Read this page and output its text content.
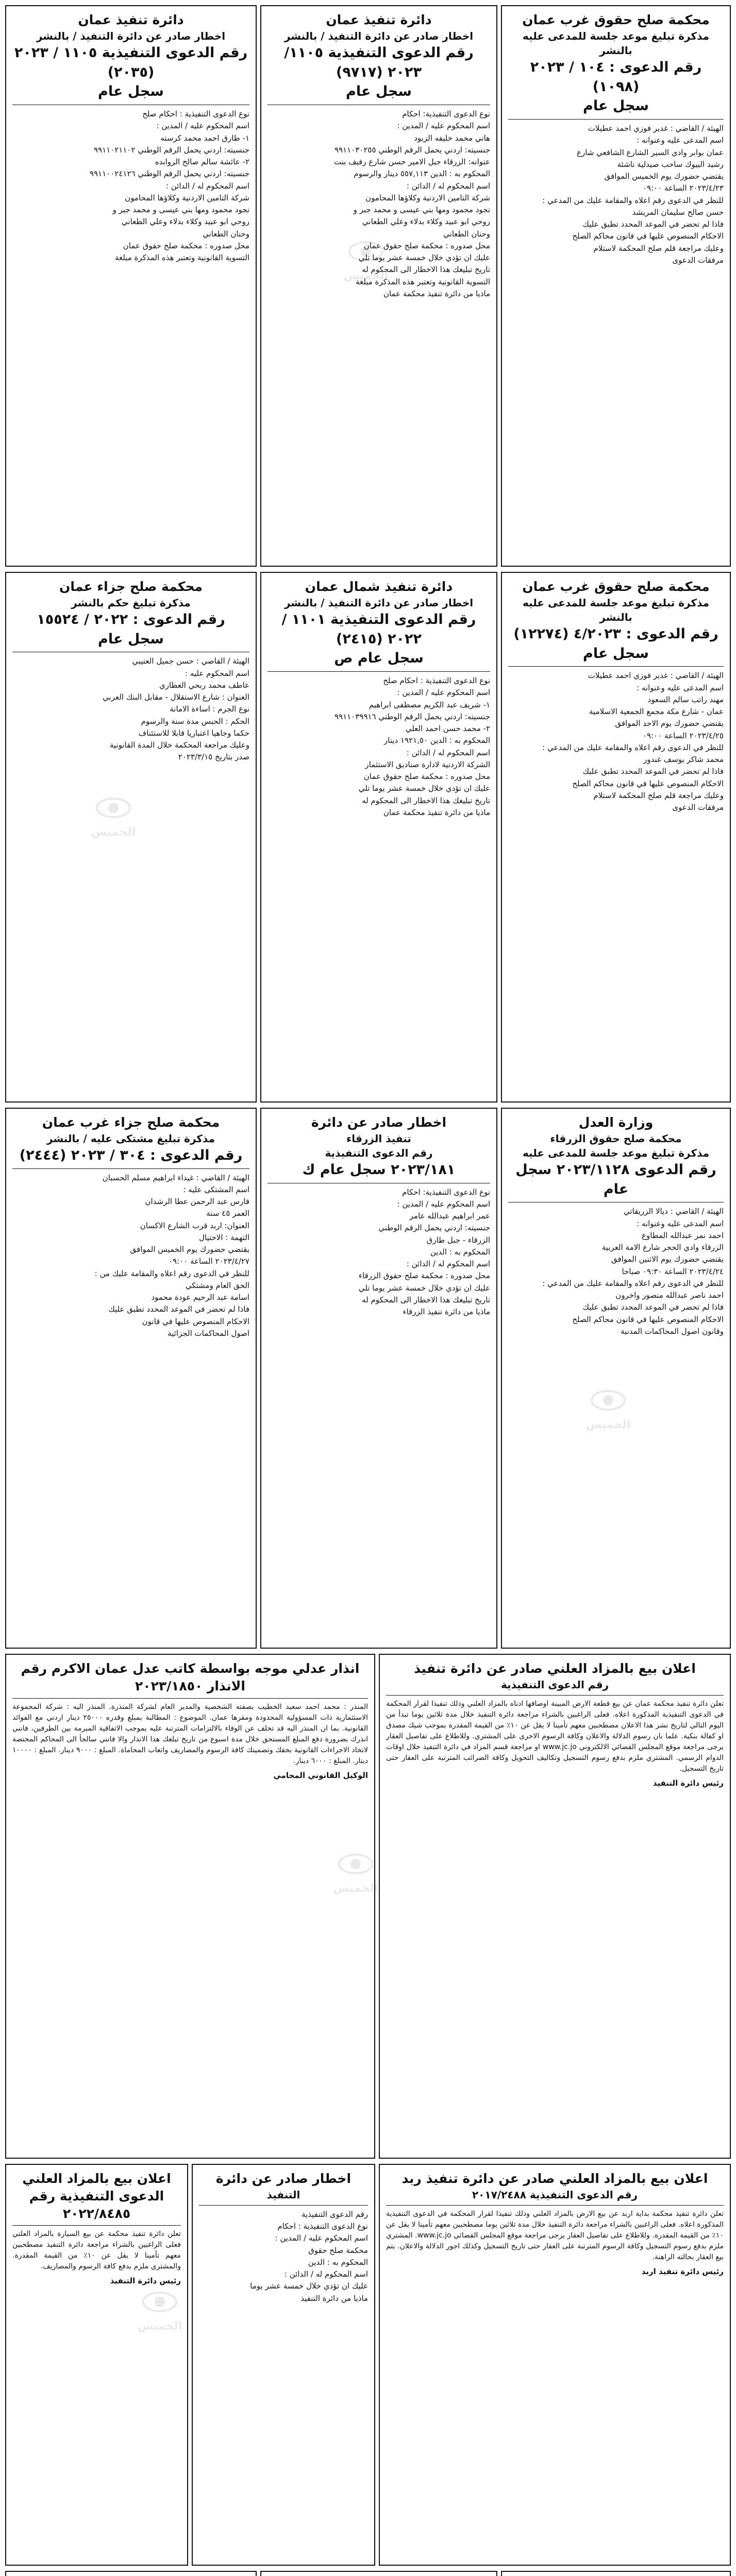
محكمة صلح حقوق غرب عمان
مذكرة تبليغ موعد جلسة للمدعى عليه بالنشر
رقم الدعوى : ١٠٤ / ٢٠٢٣ (١٠٩٨)
سجل عام
الهيئة / القاضي : غدير فوزي احمد عطيلات
اسم المدعى عليه وعنوانه :
عمان بوابر وادي السير الشارع الشافعي شارع
رشيد البيوك ساحب صيدلية ناشئة
يقتضي حضورك يوم الخميس الموافق
٢٠٢٣/٤/٢٣ الساعة ٠٩:٠٠
للنظر في الدعوى رقم اعلاه والمقامة عليك من المدعي :
حسن صالح سليمان المريشد
فاذا لم تحضر في الموعد المحدد تطبق عليك
الاحكام المنصوص عليها في قانون محاكم الصلح
وعليك مراجعة قلم صلح المحكمة لاستلام
مرفقات الدعوى
دائرة تنفيذ عمان
اخطار صادر عن دائرة التنفيذ / بالنشر
رقم الدعوى التنفيذية ١١٠٥/ ٢٠٢٣ (٩٧١٧)
سجل عام
نوع الدعوى التنفيذية: احكام
اسم المحكوم عليه / المدين :
هاني محمد خليفه الزيود
جنسيته: اردني يحمل الرقم الوطني ٩٩١١٠٣٠٢٥٥
عنوانه: الزرقاء جبل الامير حسن شارع رفيف بنت
المحكوم به : الدين ٥٥٧,١١٣ دينار والرسوم
اسم المحكوم له / الدائن :
شركة التامين الاردنية وكلاؤها المحامون
نجود محمود ومها بني عيسى و محمد جبر و
روحي ابو عبيد وكلاء بدلاء وعلي الطعاني
وحنان الطعاني
محل صدوره : محكمة صلح حقوق عمان
عليك ان تؤدي خلال خمسة عشر يوما تلي
تاريخ تبليغك هذا الاخطار الى المحكوم له
التسوية القانونية وتعتبر هذه المذكرة مبلغة
ماذيا من دائرة تنفيذ محكمة عمان
دائرة تنفيذ عمان
اخطار صادر عن دائرة التنفيذ / بالنشر
رقم الدعوى التنفيذية ١١٠٥ / ٢٠٢٣ (٢٠٣٥)
سجل عام
نوع الدعوى التنفيذية : احكام صلح
اسم المحكوم عليه / المدين :
١- طارق احمد محمد كرسته
جنسيته: اردني يحمل الرقم الوطني ٩٩١١٠٢١١٠٢
٢- عائشة سالم صالح الروابده
جنسيته: اردني يحمل الرقم الوطني ٩٩١١٠٠٢٤١٢٦
اسم المحكوم له / الدائن :
شركة التامين الاردنية وكلاؤها المحامون
نجود محمود ومها بني عيسى و محمد جبر و
روحي ابو عبيد وكلاء بدلاء وعلي الطعاني
وحنان الطعاني
محل صدوره : محكمة صلح حقوق عمان
التسوية القانونية وتعتبر هذه المذكرة مبلغة
محكمة صلح حقوق غرب عمان
مذكرة تبليغ موعد جلسة للمدعى عليه بالنشر
رقم الدعوى : ٤/٢٠٢٣ (١٢٢٧٤)
سجل عام
الهيئة / القاضي : غدير فوزي احمد عطيلات
اسم المدعى عليه وعنوانه :
مهند راتب سالم السعود
عمان - شارع مكة مجمع الجمعية الاسلامية
يقتضي حضورك يوم الاحد الموافق
٢٠٢٣/٤/٢٥ الساعة ٠٩:٠٠
للنظر في الدعوى رقم اعلاه والمقامة عليك من المدعي :
محمد شاكر يوسف غندور
فاذا لم تحضر في الموعد المحدد تطبق عليك
الاحكام المنصوص عليها في قانون محاكم الصلح
وعليك مراجعة قلم صلح المحكمة لاستلام
مرفقات الدعوى
دائرة تنفيذ شمال عمان
اخطار صادر عن دائرة التنفيذ / بالنشر
رقم الدعوى التنفيذية ١١٠١ / ٢٠٢٢ (٢٤١٥)
سجل عام ص
نوع الدعوى التنفيذية : احكام صلح
اسم المحكوم عليه / المدين :
١- شريف عبد الكريم مصطفى ابراهيم
جنسيته: اردني يحمل الرقم الوطني ٩٩١١٠٣٩٩١٦
٢- محمد حسن احمد العلي
المحكوم به : الدين ١٩٢١,٥٠ دينار
اسم المحكوم له / الدائن :
الشركة الاردنية لادارة صناديق الاستثمار
محل صدوره : محكمة صلح حقوق عمان
عليك ان تؤدي خلال خمسة عشر يوما تلي
تاريخ تبليغك هذا الاخطار الى المحكوم له
ماذيا من دائرة تنفيذ محكمة عمان
محكمة صلح جزاء عمان
مذكرة تبليغ حكم بالنشر
رقم الدعوى : ٢٠٢٢ / ١٥٥٢٤
سجل عام
الهيئة / القاضي : حسن جميل العتيبي
اسم المحكوم عليه :
عاطف محمد ربحي العطاري
العنوان : شارع الاستقلال - مقابل البنك العربي
نوع الجرم : اساءة الامانة
الحكم : الحبس مدة سنة والرسوم
حكما وجاهيا اعتباريا قابلا للاستئناف
وعليك مراجعة المحكمة خلال المدة القانونية
صدر بتاريخ ٢٠٢٣/٣/١٥
وزارة العدل
محكمة صلح حقوق الزرقاء
مذكرة تبليغ موعد جلسة للمدعى عليه
رقم الدعوى ٢٠٢٣/١١٢٨ سجل عام
الهيئة / القاضي : ديالا الزريقاتي
اسم المدعى عليه وعنوانه :
احمد نمر عبدالله المطاوع
الزرقاء وادي الحجر شارع الامة العربية
يقتضي حضورك يوم الاثنين الموافق
٢٠٢٣/٤/٢٤ الساعة ٠٩:٣٠ صباحا
للنظر في الدعوى رقم اعلاه والمقامة عليك من المدعي :
احمد ناصر عبدالله منصور واخرون
فاذا لم تحضر في الموعد المحدد تطبق عليك
الاحكام المنصوص عليها في قانون محاكم الصلح
وقانون اصول المحاكمات المدنية
اخطار صادر عن دائرة
تنفيذ الزرقاء
رقم الدعوى التنفيذية
٢٠٢٣/١٨١ سجل عام ك
نوع الدعوى التنفيذية: احكام
اسم المحكوم عليه / المدين :
عمر ابراهيم عبدالله عامر
جنسيته: اردني يحمل الرقم الوطني
الزرقاء - جبل طارق
المحكوم به : الدين
اسم المحكوم له / الدائن :
محل صدوره : محكمة صلح حقوق الزرقاء
عليك ان تؤدي خلال خمسة عشر يوما تلي
تاريخ تبليغك هذا الاخطار الى المحكوم له
ماذيا من دائرة تنفيذ الزرقاء
محكمة صلح جزاء غرب عمان
مذكرة تبليغ مشتكى عليه / بالنشر
رقم الدعوى : ٣٠٤ / ٢٠٢٣ (٢٤٤٤)
الهيئة / القاضي : غيداء ابراهيم مسلم الحسبان
اسم المشتكى عليه :
فارس عبد الرحمن عطا الرشدان
العمر ٤٥ سنة
العنوان: اربد قرب الشارع الاكسان
التهمة : الاحتيال
يقتضي حضورك يوم الخميس الموافق
٢٠٢٣/٤/٢٧ الساعة ٠٩:٠٠
للنظر في الدعوى رقم اعلاه والمقامة عليك من :
الحق العام ومشتكي
اسامة عبد الرحيم عودة محمود
فاذا لم تحضر في الموعد المحدد تطبق عليك
الاحكام المنصوص عليها في قانون
اصول المحاكمات الجزائية
اعلان بيع بالمزاد العلني صادر عن دائرة تنفيذ
رقم الدعوى التنفيذية
تعلن دائرة تنفيذ محكمة عمان عن بيع قطعة الارض المبينة اوصافها ادناه بالمزاد العلني وذلك تنفيذا لقرار المحكمة في الدعوى التنفيذية المذكورة اعلاه. فعلى الراغبين بالشراء مراجعة دائرة التنفيذ خلال مدة ثلاثين يوما تبدأ من اليوم التالي لتاريخ نشر هذا الاعلان مصطحبين معهم تأمينا لا يقل عن ١٠٪ من القيمة المقدرة بموجب شيك مصدق او كفالة بنكية. علما بان رسوم الدلالة والاعلان وكافة الرسوم الاخرى على المشتري. وللاطلاع على تفاصيل العقار يرجى مراجعة موقع المجلس القضائي الالكتروني www.jc.jo او مراجعة قسم المزاد في دائرة التنفيذ خلال اوقات الدوام الرسمي. المشتري ملزم بدفع رسوم التسجيل وتكاليف التحويل وكافة الضرائب المترتبة على العقار حتى تاريخ التسجيل.
رئيس دائرة التنفيذ
انذار عدلي موجه بواسطة كاتب عدل عمان الاكرم رقم الانذار ٢٠٢٣/١٨٥٠
المنذر : محمد احمد سعيد الخطيب بصفته الشخصية والمدير العام لشركة المنذرة. المنذر اليه : شركة المجموعة الاستثمارية ذات المسؤولية المحدودة ومقرها عمان. الموضوع : المطالبة بمبلغ وقدره ٢٥٠٠٠ دينار اردني مع الفوائد القانونية. بما ان المنذر اليه قد تخلف عن الوفاء بالالتزامات المترتبة عليه بموجب الاتفاقية المبرمة بين الطرفين، فانني انذرك بضرورة دفع المبلغ المستحق خلال مدة اسبوع من تاريخ تبلغك هذا الانذار والا فانني سالجأ الى المحاكم المختصة لاتخاذ الاجراءات القانونية بحقك وتضمينك كافة الرسوم والمصاريف واتعاب المحاماة. المبلغ : ٩٠٠٠ دينار. المبلغ : ١٠٠٠٠ دينار. المبلغ : ٦٠٠٠ دينار.
الوكيل القانوني المحامي
اعلان بيع بالمزاد العلني صادر عن دائرة تنفيذ ربد
رقم الدعوى التنفيذية ٢٠١٧/٢٤٨٨
تعلن دائرة تنفيذ محكمة بداية اربد عن بيع الارض بالمزاد العلني وذلك تنفيذا لقرار المحكمة في الدعوى التنفيذية المذكورة اعلاه. فعلى الراغبين بالشراء مراجعة دائرة التنفيذ خلال مدة ثلاثين يوما مصطحبين معهم تأمينا لا يقل عن ١٠٪ من القيمة المقدرة. وللاطلاع على تفاصيل العقار يرجى مراجعة موقع المجلس القضائي www.jc.jo. المشتري ملزم بدفع رسوم التسجيل وكافة الرسوم المترتبة على العقار حتى تاريخ التسجيل وكذلك اجور الدلالة والاعلان. يتم بيع العقار بحالته الراهنة.
رئيس دائرة تنفيذ اربد
اخطار صادر عن دائرة
التنفيذ
رقم الدعوى التنفيذية
نوع الدعوى التنفيذية : احكام
اسم المحكوم عليه / المدين :
محكمة صلح حقوق
المحكوم به : الدين
اسم المحكوم له / الدائن :
عليك ان تؤدي خلال خمسة عشر يوما
ماذيا من دائرة التنفيذ
اعلان بيع بالمزاد العلني الدعوى التنفيذية رقم ٢٠٢٢/٨٤٨٥
تعلن دائرة تنفيذ محكمة عن بيع السيارة بالمزاد العلني فعلى الراغبين بالشراء مراجعة دائرة التنفيذ مصطحبين معهم تأمينا لا يقل عن ١٠٪ من القيمة المقدرة. والمشتري ملزم بدفع كافة الرسوم والمصاريف.
رئيس دائرة التنفيذ
